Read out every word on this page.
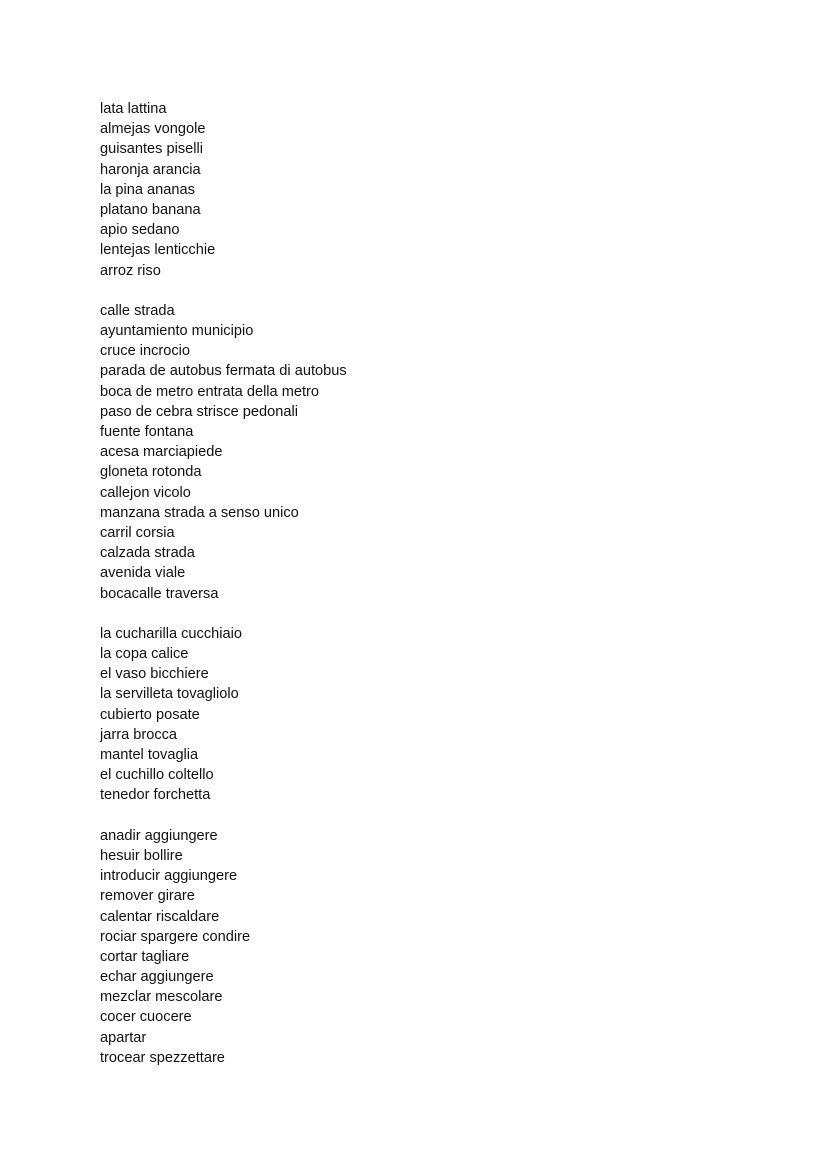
lata lattina
almejas vongole
guisantes piselli
haronja arancia
la pina ananas
platano banana
apio sedano
lentejas lenticchie
arroz riso
calle strada
ayuntamiento municipio
cruce incrocio
parada de autobus fermata di autobus
boca de metro entrata della metro
paso de cebra strisce pedonali
fuente fontana
acesa marciapiede
gloneta rotonda
callejon vicolo
manzana strada a senso unico
carril corsia
calzada strada
avenida viale
bocacalle traversa
la cucharilla cucchiaio
la copa calice
el vaso bicchiere
la servilleta tovagliolo
cubierto posate
jarra brocca
mantel tovaglia
el cuchillo coltello
tenedor forchetta
anadir aggiungere
hesuir bollire
introducir aggiungere
remover girare
calentar riscaldare
rociar spargere condire
cortar tagliare
echar aggiungere
mezclar mescolare
cocer cuocere
apartar
trocear spezzettare
